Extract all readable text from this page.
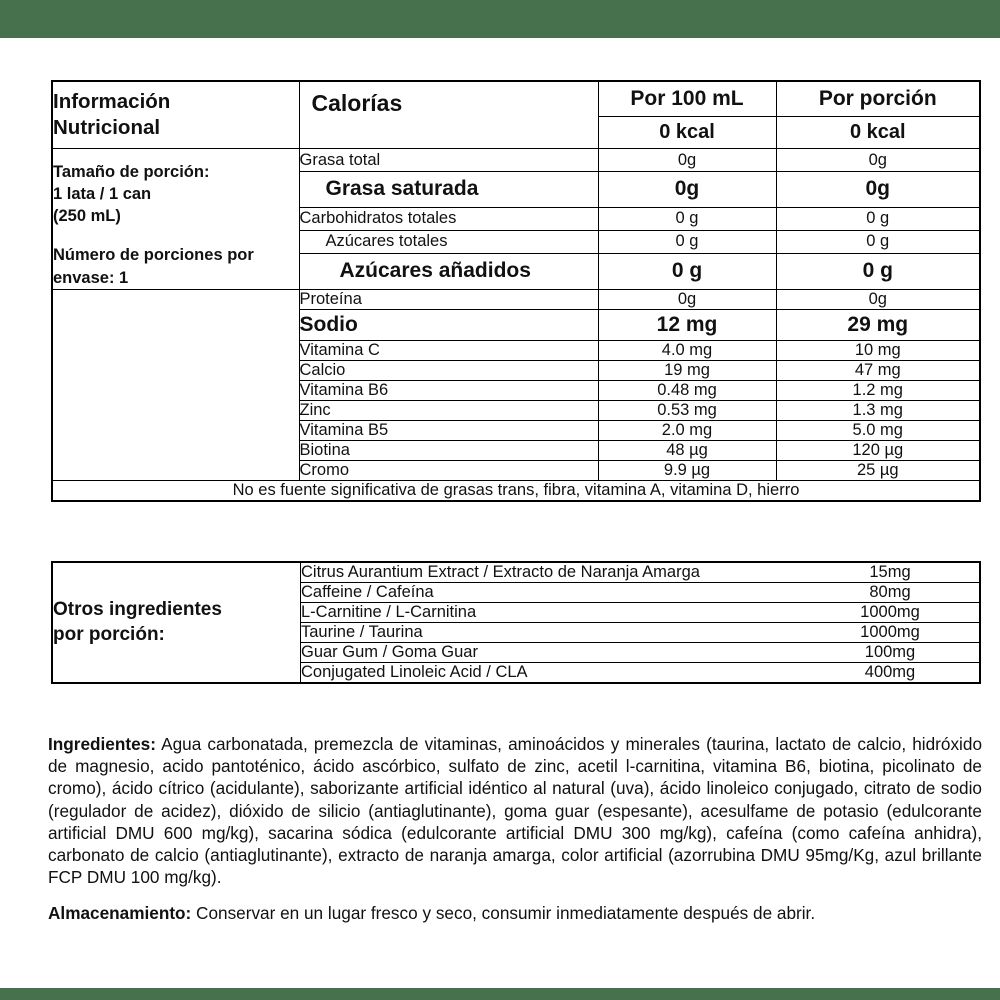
Información
Nutricional	Calorías	Por 100 mL	Por porción
		0 kcal	0 kcal

Tamaño de porción:
1 lata / 1 can
(250 mL)
Número de porciones por
envase: 1	Grasa total	0g	0g
	Grasa saturada	0g	0g
	Carbohidratos totales	0 g	0 g
	Azúcares totales	0 g	0 g
	Azúcares añadidos	0 g	0 g
	Proteína	0g	0g
	Sodio	12 mg	29 mg
	Vitamina C	4.0 mg	10 mg
	Calcio	19 mg	47 mg
	Vitamina B6	0.48 mg	1.2 mg
	Zinc	0.53 mg	1.3 mg
	Vitamina B5	2.0 mg	5.0 mg
	Biotina	48 µg	120 µg
	Cromo	9.9 µg	25 µg
No es fuente significativa de grasas trans, fibra, vitamina A, vitamina D, hierro			
Otros ingredientes
por porción:	Citrus Aurantium Extract / Extracto de Naranja Amarga	15mg
	Caffeine / Cafeína	80mg
	L-Carnitine / L-Carnitina	1000mg
	Taurine / Taurina	1000mg
	Guar Gum / Goma Guar	100mg
	Conjugated Linoleic Acid / CLA	400mg

Ingredientes: Agua carbonatada, premezcla de vitaminas, aminoácidos y minerales (taurina, lactato de calcio, hidróxido de magnesio, acido pantoténico, ácido ascórbico, sulfato de zinc, acetil l-carnitina, vitamina B6, biotina, picolinato de cromo), ácido cítrico (acidulante), saborizante artificial idéntico al natural (uva), ácido linoleico conjugado, citrato de sodio (regulador de acidez), dióxido de silicio (antiaglutinante), goma guar (espesante), acesulfame de potasio (edulcorante artificial DMU 600 mg/kg), sacarina sódica (edulcorante artificial DMU 300 mg/kg), cafeína (como cafeína anhidra), carbonato de calcio (antiaglutinante), extracto de naranja amarga, color artificial (azorrubina DMU 95mg/Kg, azul brillante FCP DMU 100 mg/kg).

Almacenamiento: Conservar en un lugar fresco y seco, consumir inmediatamente después de abrir.
